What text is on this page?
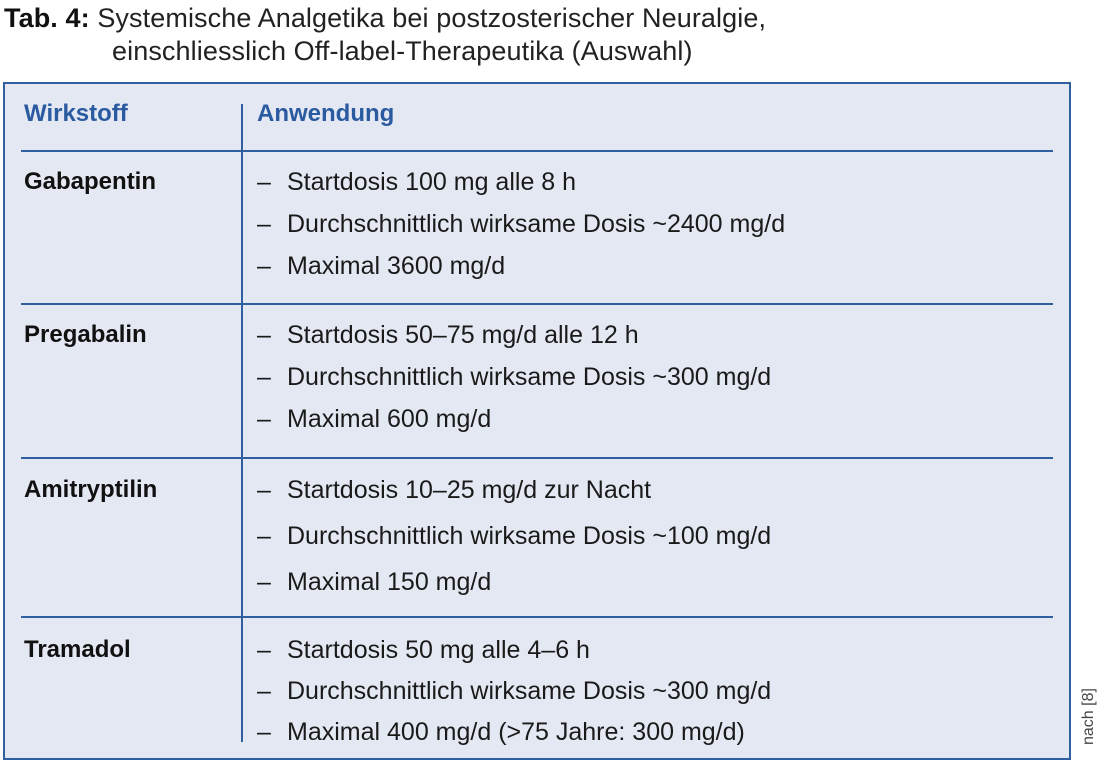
Tab. 4: Systemische Analgetika bei postzosterischer Neuralgie,
einschliesslich Off-label-Therapeutika (Auswahl)
Wirkstoff	Anwendung
Gabapentin	– Startdosis 100 mg alle 8 h
– Durchschnittlich wirksame Dosis ~2400 mg/d
– Maximal 3600 mg/d
Pregabalin	– Startdosis 50–75 mg/d alle 12 h
– Durchschnittlich wirksame Dosis ~300 mg/d
– Maximal 600 mg/d
Amitryptilin	– Startdosis 10–25 mg/d zur Nacht
– Durchschnittlich wirksame Dosis ~100 mg/d
– Maximal 150 mg/d
Tramadol	– Startdosis 50 mg alle 4–6 h
– Durchschnittlich wirksame Dosis ~300 mg/d
– Maximal 400 mg/d (>75 Jahre: 300 mg/d)	nach [8]
